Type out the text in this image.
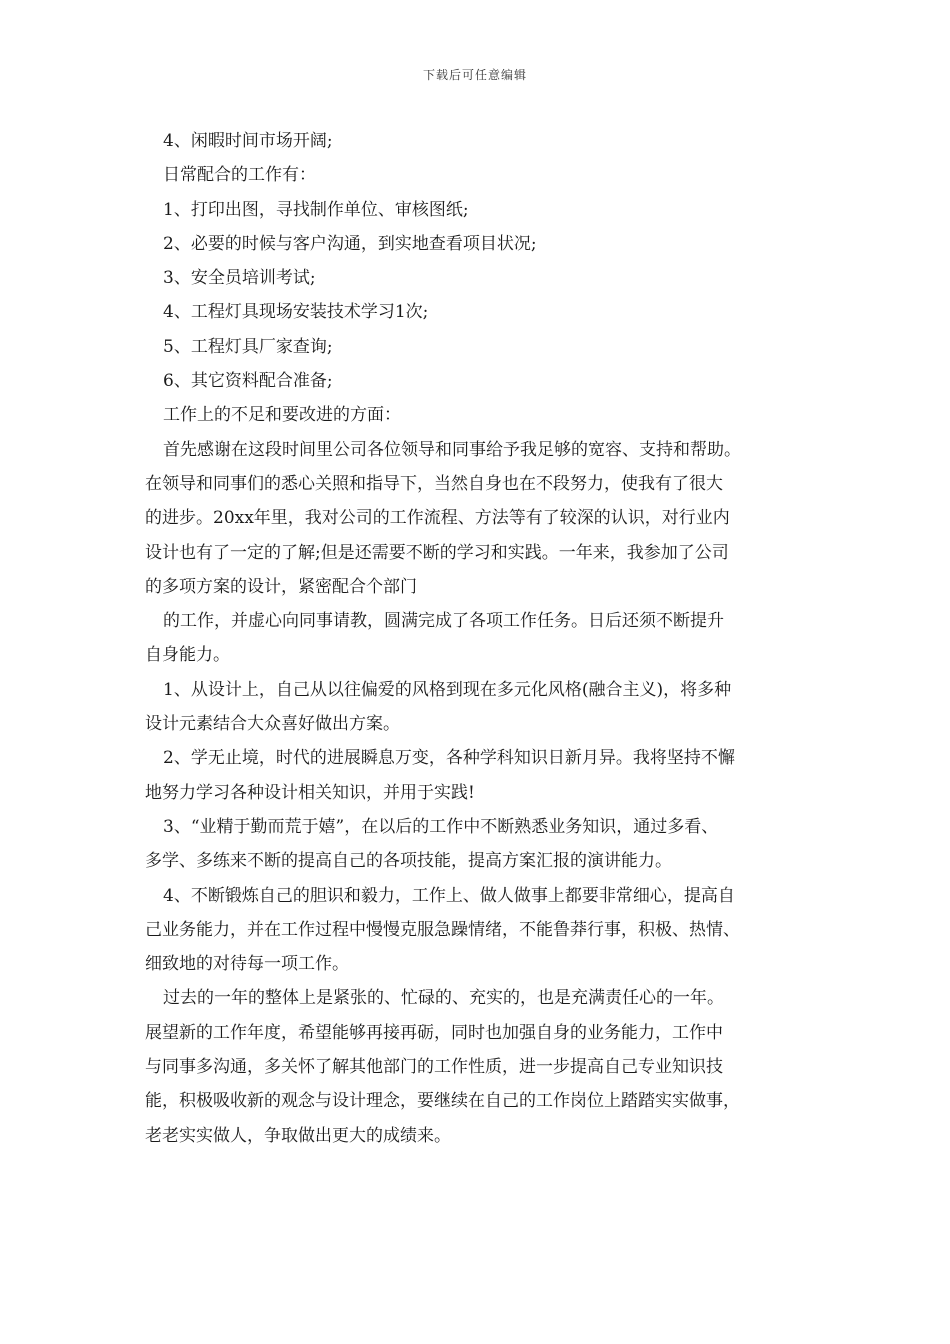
下载后可任意编辑
4、闲暇时间市场开阔;
日常配合的工作有：
1、打印出图，寻找制作单位、审核图纸;
2、必要的时候与客户沟通，到实地查看项目状况;
3、安全员培训考试;
4、工程灯具现场安装技术学习1次;
5、工程灯具厂家查询;
6、其它资料配合准备;
工作上的不足和要改进的方面：
首先感谢在这段时间里公司各位领导和同事给予我足够的宽容、支持和帮助。
在领导和同事们的悉心关照和指导下，当然自身也在不段努力，使我有了很大
的进步。20xx年里，我对公司的工作流程、方法等有了较深的认识，对行业内
设计也有了一定的了解;但是还需要不断的学习和实践。一年来，我参加了公司
的多项方案的设计，紧密配合个部门
的工作，并虚心向同事请教，圆满完成了各项工作任务。日后还须不断提升
自身能力。
1、从设计上，自己从以往偏爱的风格到现在多元化风格(融合主义)，将多种
设计元素结合大众喜好做出方案。
2、学无止境，时代的进展瞬息万变，各种学科知识日新月异。我将坚持不懈
地努力学习各种设计相关知识，并用于实践!
3、“业精于勤而荒于嬉”，在以后的工作中不断熟悉业务知识，通过多看、
多学、多练来不断的提高自己的各项技能，提高方案汇报的演讲能力。
4、不断锻炼自己的胆识和毅力，工作上、做人做事上都要非常细心，提高自
己业务能力，并在工作过程中慢慢克服急躁情绪，不能鲁莽行事，积极、热情、
细致地的对待每一项工作。
过去的一年的整体上是紧张的、忙碌的、充实的，也是充满责任心的一年。
展望新的工作年度，希望能够再接再砺，同时也加强自身的业务能力，工作中
与同事多沟通，多关怀了解其他部门的工作性质，进一步提高自己专业知识技
能，积极吸收新的观念与设计理念，要继续在自己的工作岗位上踏踏实实做事，
老老实实做人，争取做出更大的成绩来。
